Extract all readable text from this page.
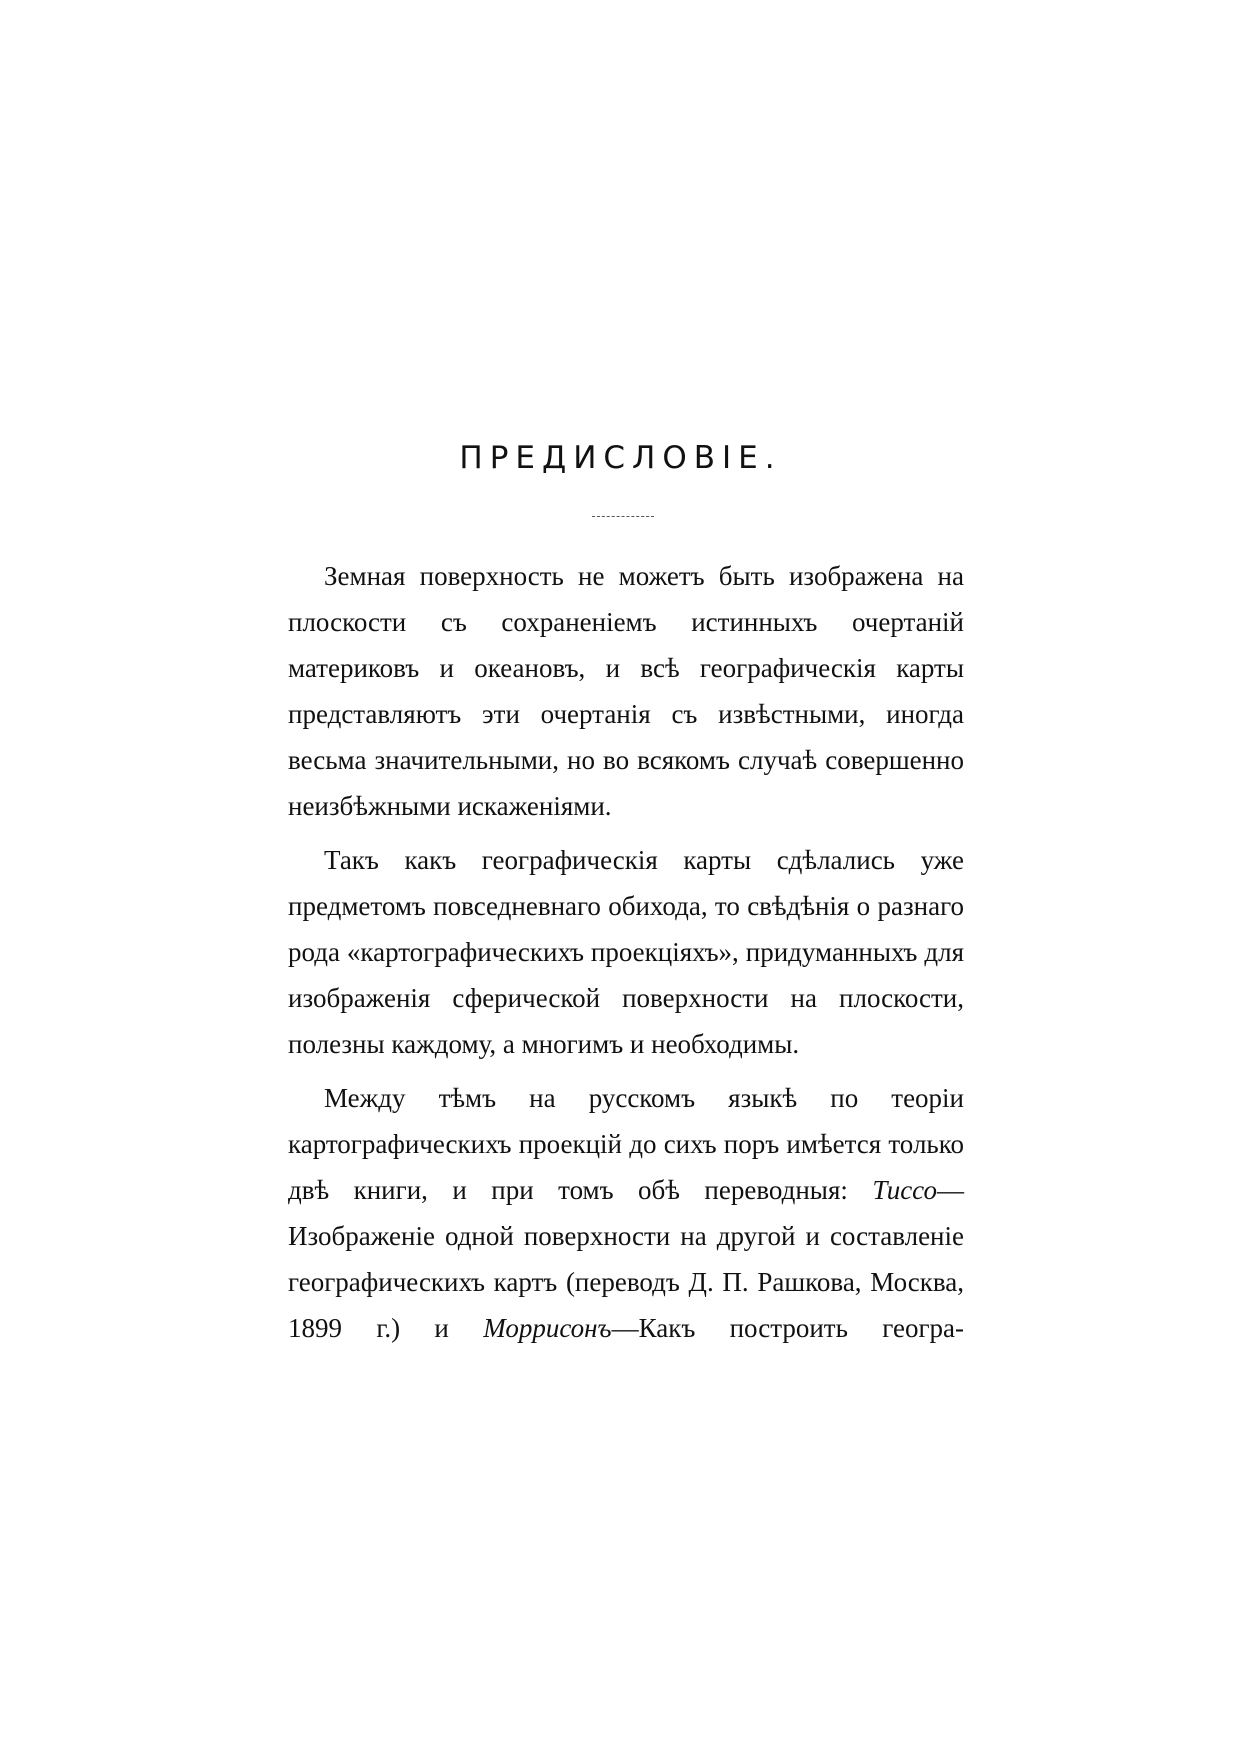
ПРЕДИСЛОВІЕ.

Земная поверхность не можетъ быть изображена на плоскости съ сохраненіемъ истинныхъ очертаній материковъ и океановъ, и всѣ географическія карты представляютъ эти очертанія съ извѣстными, иногда весьма значительными, но во всякомъ случаѣ совершенно неизбѣжными искаженіями.

Такъ какъ географическія карты сдѣлались уже предметомъ повседневнаго обихода, то свѣдѣнія о разнаго рода «картографическихъ проекціяхъ», придуманныхъ для изображенія сферической поверхности на плоскости, полезны каждому, а многимъ и необходимы.

Между тѣмъ на русскомъ языкѣ по теоріи картографическихъ проекцій до сихъ поръ имѣется только двѣ книги, и при томъ обѣ переводныя: Тиссо—Изображеніе одной поверхности на другой и составленіе географическихъ картъ (переводъ Д. П. Рашкова, Москва, 1899 г.) и Моррисонъ—Какъ построить геогра-
